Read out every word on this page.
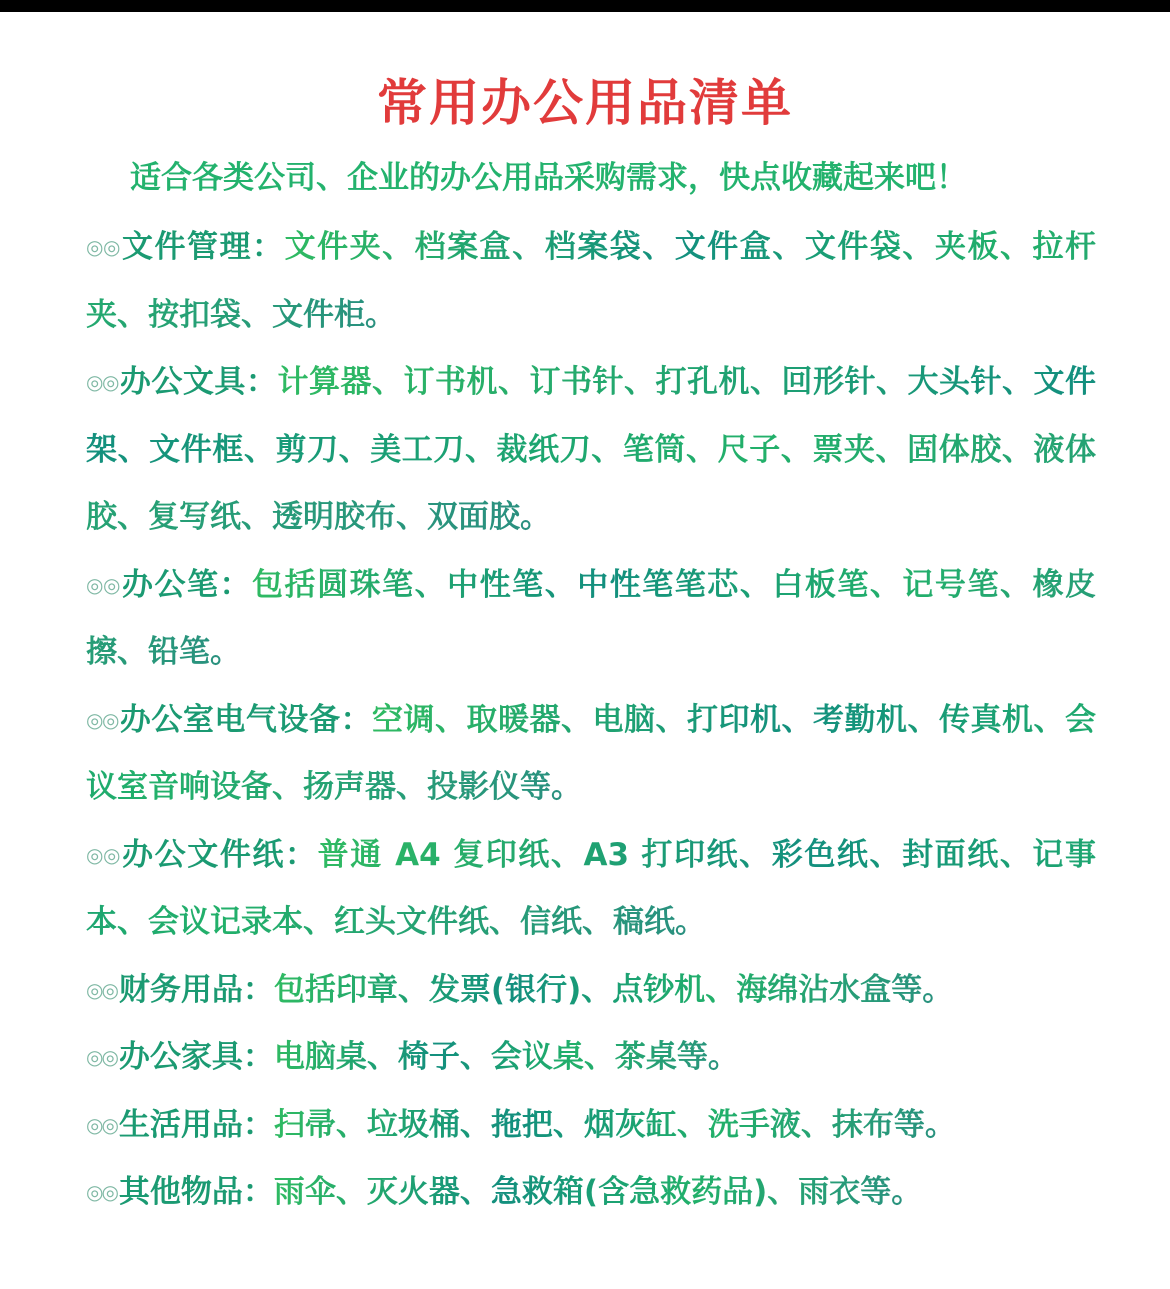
常用办公用品清单
适合各类公司、企业的办公用品采购需求，快点收藏起来吧！

◎◎文件管理：文件夹、档案盒、档案袋、文件盒、文件袋、夹板、拉杆夹、按扣袋、文件柜。

◎◎办公文具：计算器、订书机、订书针、打孔机、回形针、大头针、文件架、文件框、剪刀、美工刀、裁纸刀、笔筒、尺子、票夹、固体胶、液体胶、复写纸、透明胶布、双面胶。

◎◎办公笔：包括圆珠笔、中性笔、中性笔笔芯、白板笔、记号笔、橡皮擦、铅笔。

◎◎办公室电气设备：空调、取暖器、电脑、打印机、考勤机、传真机、会议室音响设备、扬声器、投影仪等。

◎◎办公文件纸：普通 A4 复印纸、A3 打印纸、彩色纸、封面纸、记事本、会议记录本、红头文件纸、信纸、稿纸。

◎◎财务用品：包括印章、发票(银行)、点钞机、海绵沾水盒等。

◎◎办公家具：电脑桌、椅子、会议桌、茶桌等。

◎◎生活用品：扫帚、垃圾桶、拖把、烟灰缸、洗手液、抹布等。

◎◎其他物品：雨伞、灭火器、急救箱(含急救药品)、雨衣等。
